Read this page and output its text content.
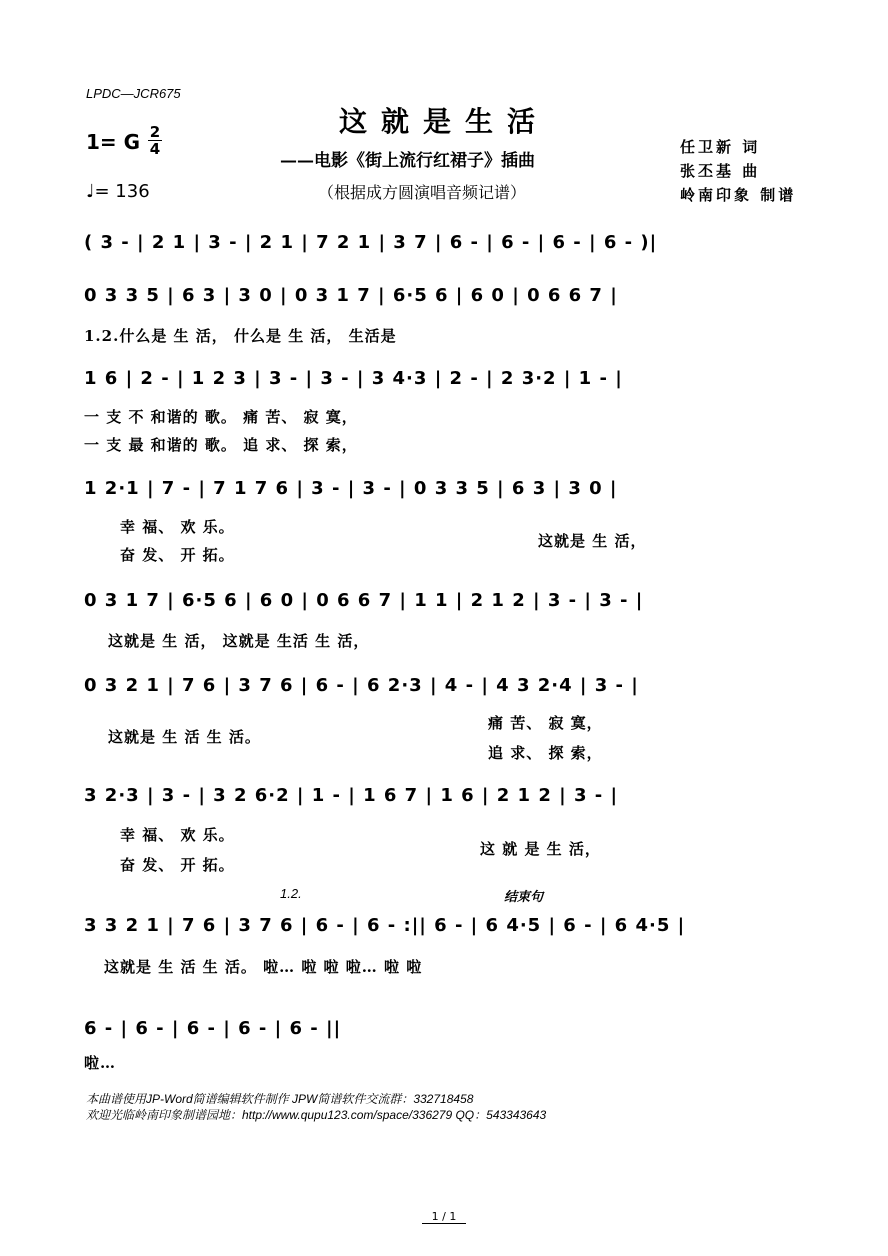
LPDC—JCR675
这就是生活
——电影《街上流行红裙子》插曲
（根据成方圆演唱音频记谱）
1= G 2
4
♩= 136
任卫新 词
张丕基 曲
岭南印象 制谱
( 3 - | 2 1 | 3 - | 2 1 | 7 2 1 | 3 7 | 6 - | 6 - | 6 - | 6 - )|
0 3 3 5 | 6 3 | 3 0 | 0 3 1 7 | 6·5 6 | 6 0 | 0 6 6 7 |
1.2.什么是 生 活， 什么是 生 活， 生活是
1 6 | 2 - | 1 2 3 | 3 - | 3 - | 3 4·3 | 2 - | 2 3·2 | 1 - |
一 支 不 和谐的 歌。 痛 苦、 寂 寞，
一 支 最 和谐的 歌。 追 求、 探 索，
1 2·1 | 7 - | 7 1 7 6 | 3 - | 3 - | 0 3 3 5 | 6 3 | 3 0 |
幸 福、 欢 乐。
奋 发、 开 拓。
这就是 生 活，
0 3 1 7 | 6·5 6 | 6 0 | 0 6 6 7 | 1 1 | 2 1 2 | 3 - | 3 - |
这就是 生 活， 这就是 生活 生 活，
0 3 2 1 | 7 6 | 3 7 6 | 6 - | 6 2·3 | 4 - | 4 3 2·4 | 3 - |
这就是 生 活 生 活。
痛 苦、 寂 寞，
追 求、 探 索，
3 2·3 | 3 - | 3 2 6·2 | 1 - | 1 6 7 | 1 6 | 2 1 2 | 3 - |
幸 福、 欢 乐。
奋 发、 开 拓。
这 就 是 生 活，
1.2.	结束句
3 3 2 1 | 7 6 | 3 7 6 | 6 - | 6 - :|| 6 - | 6 4·5 | 6 - | 6 4·5 |
这就是 生 活 生 活。 啦… 啦 啦 啦… 啦 啦
6 - | 6 - | 6 - | 6 - | 6 - ||
啦…
本曲谱使用JP-Word简谱编辑软件制作 JPW简谱软件交流群：332718458
欢迎光临岭南印象制谱园地：http://www.qupu123.com/space/336279 QQ：543343643
1 / 1
